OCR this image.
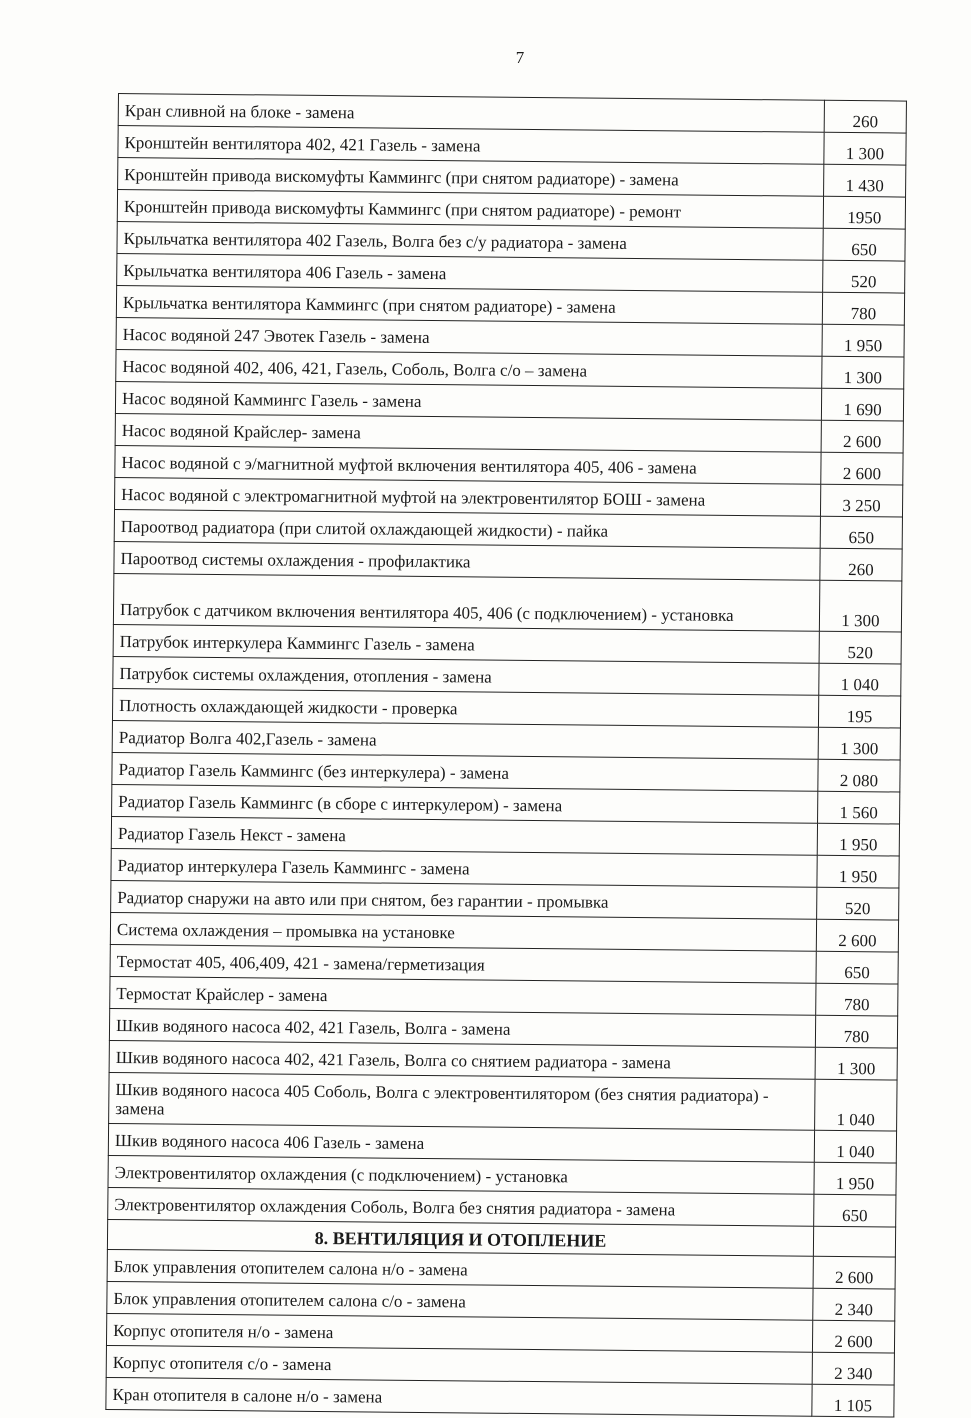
7
Кран сливной на блоке - замена	260
Кронштейн вентилятора 402, 421 Газель - замена	1 300
Кронштейн привода вискомуфты Каммингс (при снятом радиаторе) - замена	1 430
Кронштейн привода вискомуфты Каммингс (при снятом радиаторе) - ремонт	1950
Крыльчатка вентилятора 402 Газель, Волга без с/у радиатора - замена	650
Крыльчатка вентилятора 406 Газель - замена	520
Крыльчатка вентилятора Каммингс (при снятом радиаторе) - замена	780
Насос водяной 247 Эвотек Газель - замена	1 950
Насос водяной 402, 406, 421, Газель, Соболь, Волга с/о – замена	1 300
Насос водяной Каммингс Газель - замена	1 690
Насос водяной Крайслер- замена	2 600
Насос водяной с э/магнитной муфтой включения вентилятора 405, 406 - замена	2 600
Насос водяной с электромагнитной муфтой на электровентилятор БОШ - замена	3 250
Пароотвод радиатора (при слитой охлаждающей жидкости) - пайка	650
Пароотвод системы охлаждения - профилактика	260
Патрубок с датчиком включения вентилятора 405, 406 (с подключением) - установка	1 300
Патрубок интеркулера Каммингс Газель - замена	520
Патрубок системы охлаждения, отопления - замена	1 040
Плотность охлаждающей жидкости - проверка	195
Радиатор Волга 402,Газель - замена	1 300
Радиатор Газель Каммингс (без интеркулера) - замена	2 080
Радиатор Газель Каммингс (в сборе с интеркулером) - замена	1 560
Радиатор Газель Некст - замена	1 950
Радиатор интеркулера Газель Каммингс - замена	1 950
Радиатор снаружи на авто или при снятом, без гарантии - промывка	520
Система охлаждения – промывка на установке	2 600
Термостат 405, 406,409, 421 - замена/герметизация	650
Термостат Крайслер - замена	780
Шкив водяного насоса 402, 421 Газель, Волга - замена	780
Шкив водяного насоса 402, 421 Газель, Волга со снятием радиатора - замена	1 300
Шкив водяного насоса 405 Соболь, Волга с электровентилятором (без снятия радиатора) - замена	1 040
Шкив водяного насоса 406 Газель - замена	1 040
Электровентилятор охлаждения (с подключением) - установка	1 950
Электровентилятор охлаждения Соболь, Волга без снятия радиатора - замена	650
8. ВЕНТИЛЯЦИЯ И ОТОПЛЕНИЕ	
Блок управления отопителем салона н/о - замена	2 600
Блок управления отопителем салона с/о - замена	2 340
Корпус отопителя н/о - замена	2 600
Корпус отопителя с/о - замена	2 340
Кран отопителя в салоне н/о - замена	1 105
